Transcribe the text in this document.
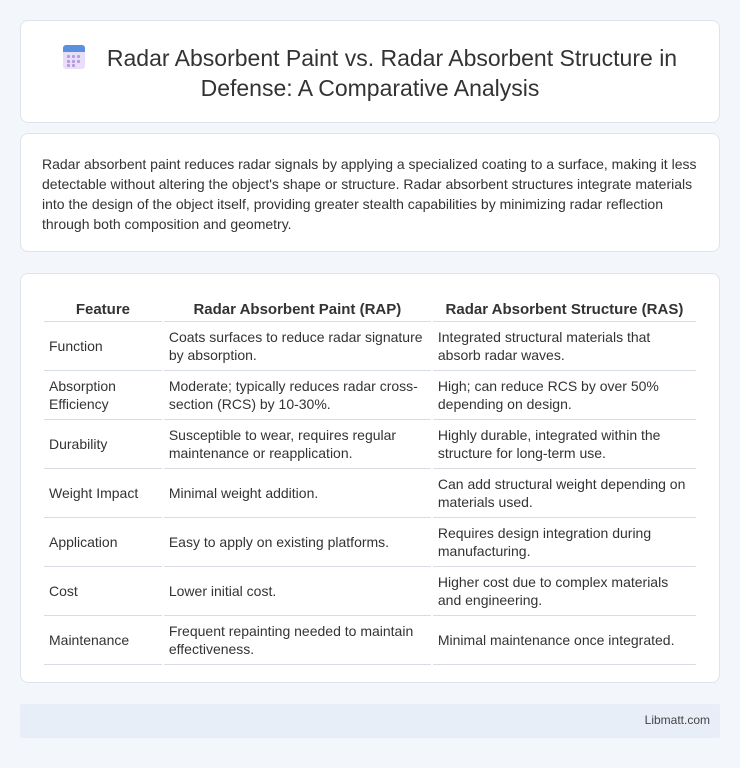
Radar Absorbent Paint vs. Radar Absorbent Structure in Defense: A Comparative Analysis

Radar absorbent paint reduces radar signals by applying a specialized coating to a surface, making it less detectable without altering the object's shape or structure. Radar absorbent structures integrate materials into the design of the object itself, providing greater stealth capabilities by minimizing radar reflection through both composition and geometry.

Feature	Radar Absorbent Paint (RAP)	Radar Absorbent Structure (RAS)
Function	Coats surfaces to reduce radar signature by absorption.	Integrated structural materials that absorb radar waves.
Absorption Efficiency	Moderate; typically reduces radar cross-section (RCS) by 10-30%.	High; can reduce RCS by over 50% depending on design.
Durability	Susceptible to wear, requires regular maintenance or reapplication.	Highly durable, integrated within the structure for long-term use.
Weight Impact	Minimal weight addition.	Can add structural weight depending on materials used.
Application	Easy to apply on existing platforms.	Requires design integration during manufacturing.
Cost	Lower initial cost.	Higher cost due to complex materials and engineering.
Maintenance	Frequent repainting needed to maintain effectiveness.	Minimal maintenance once integrated.
Libmatt.com
